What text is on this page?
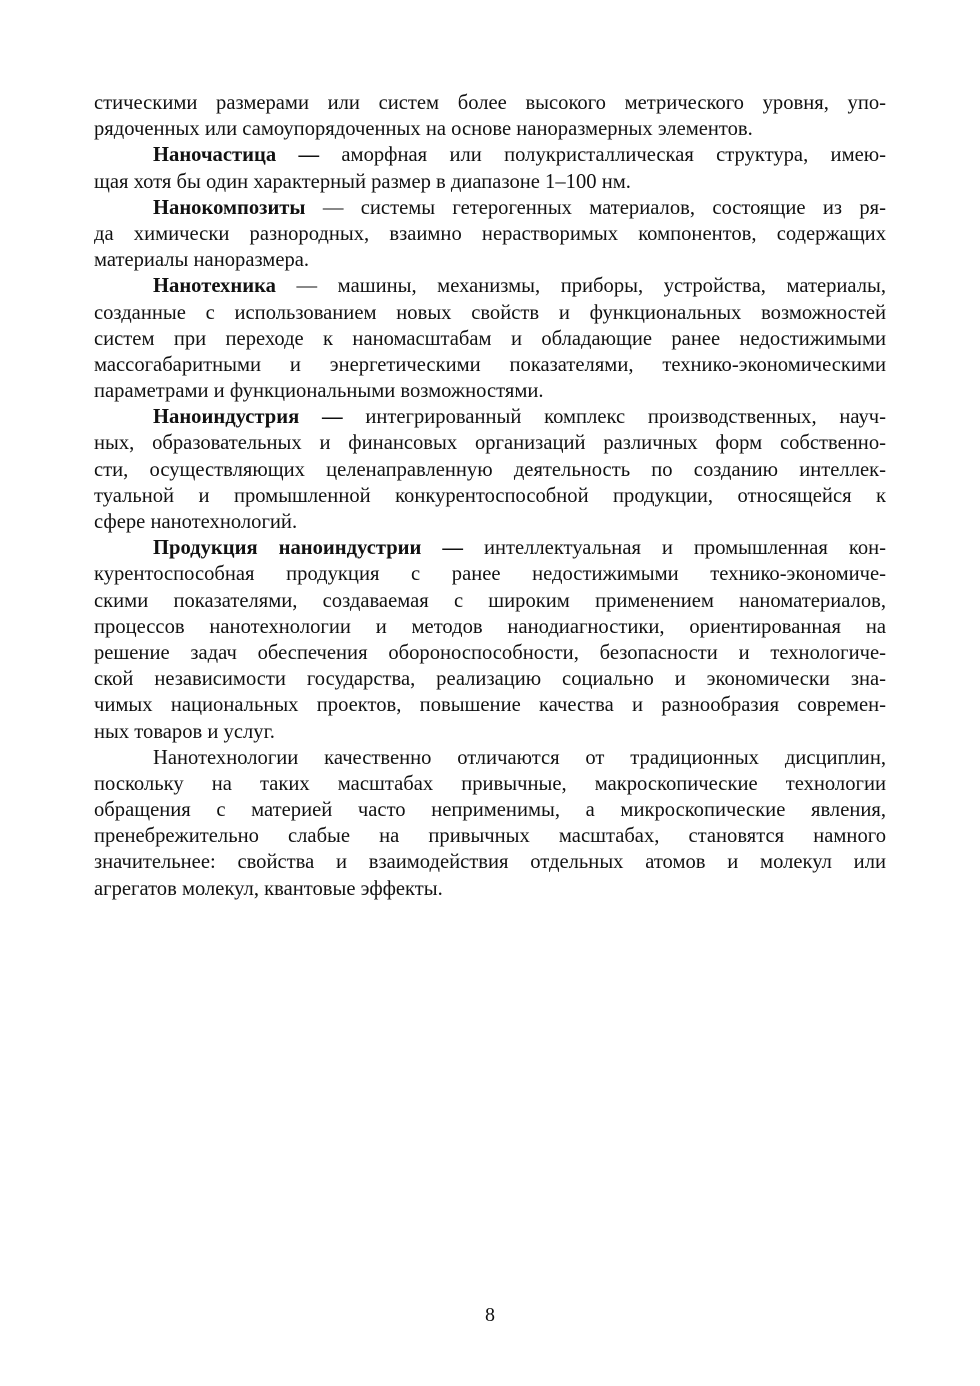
стическими размерами или систем более высокого метрического уровня, упо-
рядоченных или самоупорядоченных на основе наноразмерных элементов.
Наночастица — аморфная или полукристаллическая структура, имею-
щая хотя бы один характерный размер в диапазоне 1–100 нм.
Нанокомпозиты — системы гетерогенных материалов, состоящие из ря-
да химически разнородных, взаимно нерастворимых компонентов, содержащих
материалы наноразмера.
Нанотехника — машины, механизмы, приборы, устройства, материалы,
созданные с использованием новых свойств и функциональных возможностей
систем при переходе к наномасштабам и обладающие ранее недостижимыми
массогабаритными и энергетическими показателями, технико-экономическими
параметрами и функциональными возможностями.
Наноиндустрия — интегрированный комплекс производственных, науч-
ных, образовательных и финансовых организаций различных форм собственно-
сти, осуществляющих целенаправленную деятельность по созданию интеллек-
туальной и промышленной конкурентоспособной продукции, относящейся к
сфере нанотехнологий.
Продукция наноиндустрии — интеллектуальная и промышленная кон-
курентоспособная продукция с ранее недостижимыми технико-экономиче-
скими показателями, создаваемая с широким применением наноматериалов,
процессов нанотехнологии и методов нанодиагностики, ориентированная на
решение задач обеспечения обороноспособности, безопасности и технологиче-
ской независимости государства, реализацию социально и экономически зна-
чимых национальных проектов, повышение качества и разнообразия современ-
ных товаров и услуг.
Нанотехнологии качественно отличаются от традиционных дисциплин,
поскольку на таких масштабах привычные, макроскопические технологии
обращения с материей часто неприменимы, а микроскопические явления,
пренебрежительно слабые на привычных масштабах, становятся намного
значительнее: свойства и взаимодействия отдельных атомов и молекул или
агрегатов молекул, квантовые эффекты.
8
